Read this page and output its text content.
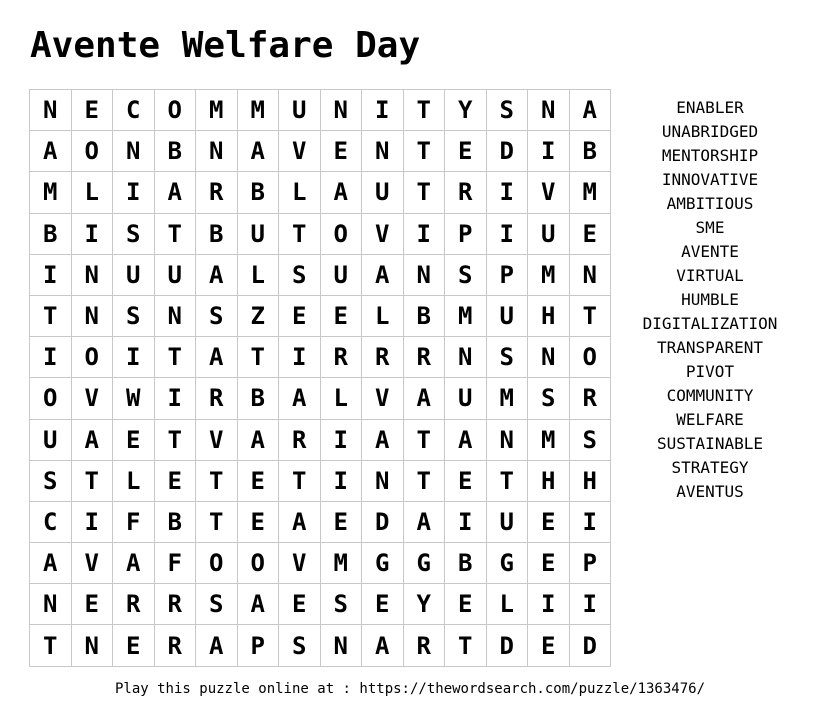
Avente Welfare Day
N	E	C	O	M	M	U	N	I	T	Y	S	N	A
A	O	N	B	N	A	V	E	N	T	E	D	I	B
M	L	I	A	R	B	L	A	U	T	R	I	V	M
B	I	S	T	B	U	T	O	V	I	P	I	U	E
I	N	U	U	A	L	S	U	A	N	S	P	M	N
T	N	S	N	S	Z	E	E	L	B	M	U	H	T
I	O	I	T	A	T	I	R	R	R	N	S	N	O
O	V	W	I	R	B	A	L	V	A	U	M	S	R
U	A	E	T	V	A	R	I	A	T	A	N	M	S
S	T	L	E	T	E	T	I	N	T	E	T	H	H
C	I	F	B	T	E	A	E	D	A	I	U	E	I
A	V	A	F	O	O	V	M	G	G	B	G	E	P
N	E	R	R	S	A	E	S	E	Y	E	L	I	I
T	N	E	R	A	P	S	N	A	R	T	D	E	D
ENABLER
UNABRIDGED
MENTORSHIP
INNOVATIVE
AMBITIOUS
SME
AVENTE
VIRTUAL
HUMBLE
DIGITALIZATION
TRANSPARENT
PIVOT
COMMUNITY
WELFARE
SUSTAINABLE
STRATEGY
AVENTUS
Play this puzzle online at : https://thewordsearch.com/puzzle/1363476/
